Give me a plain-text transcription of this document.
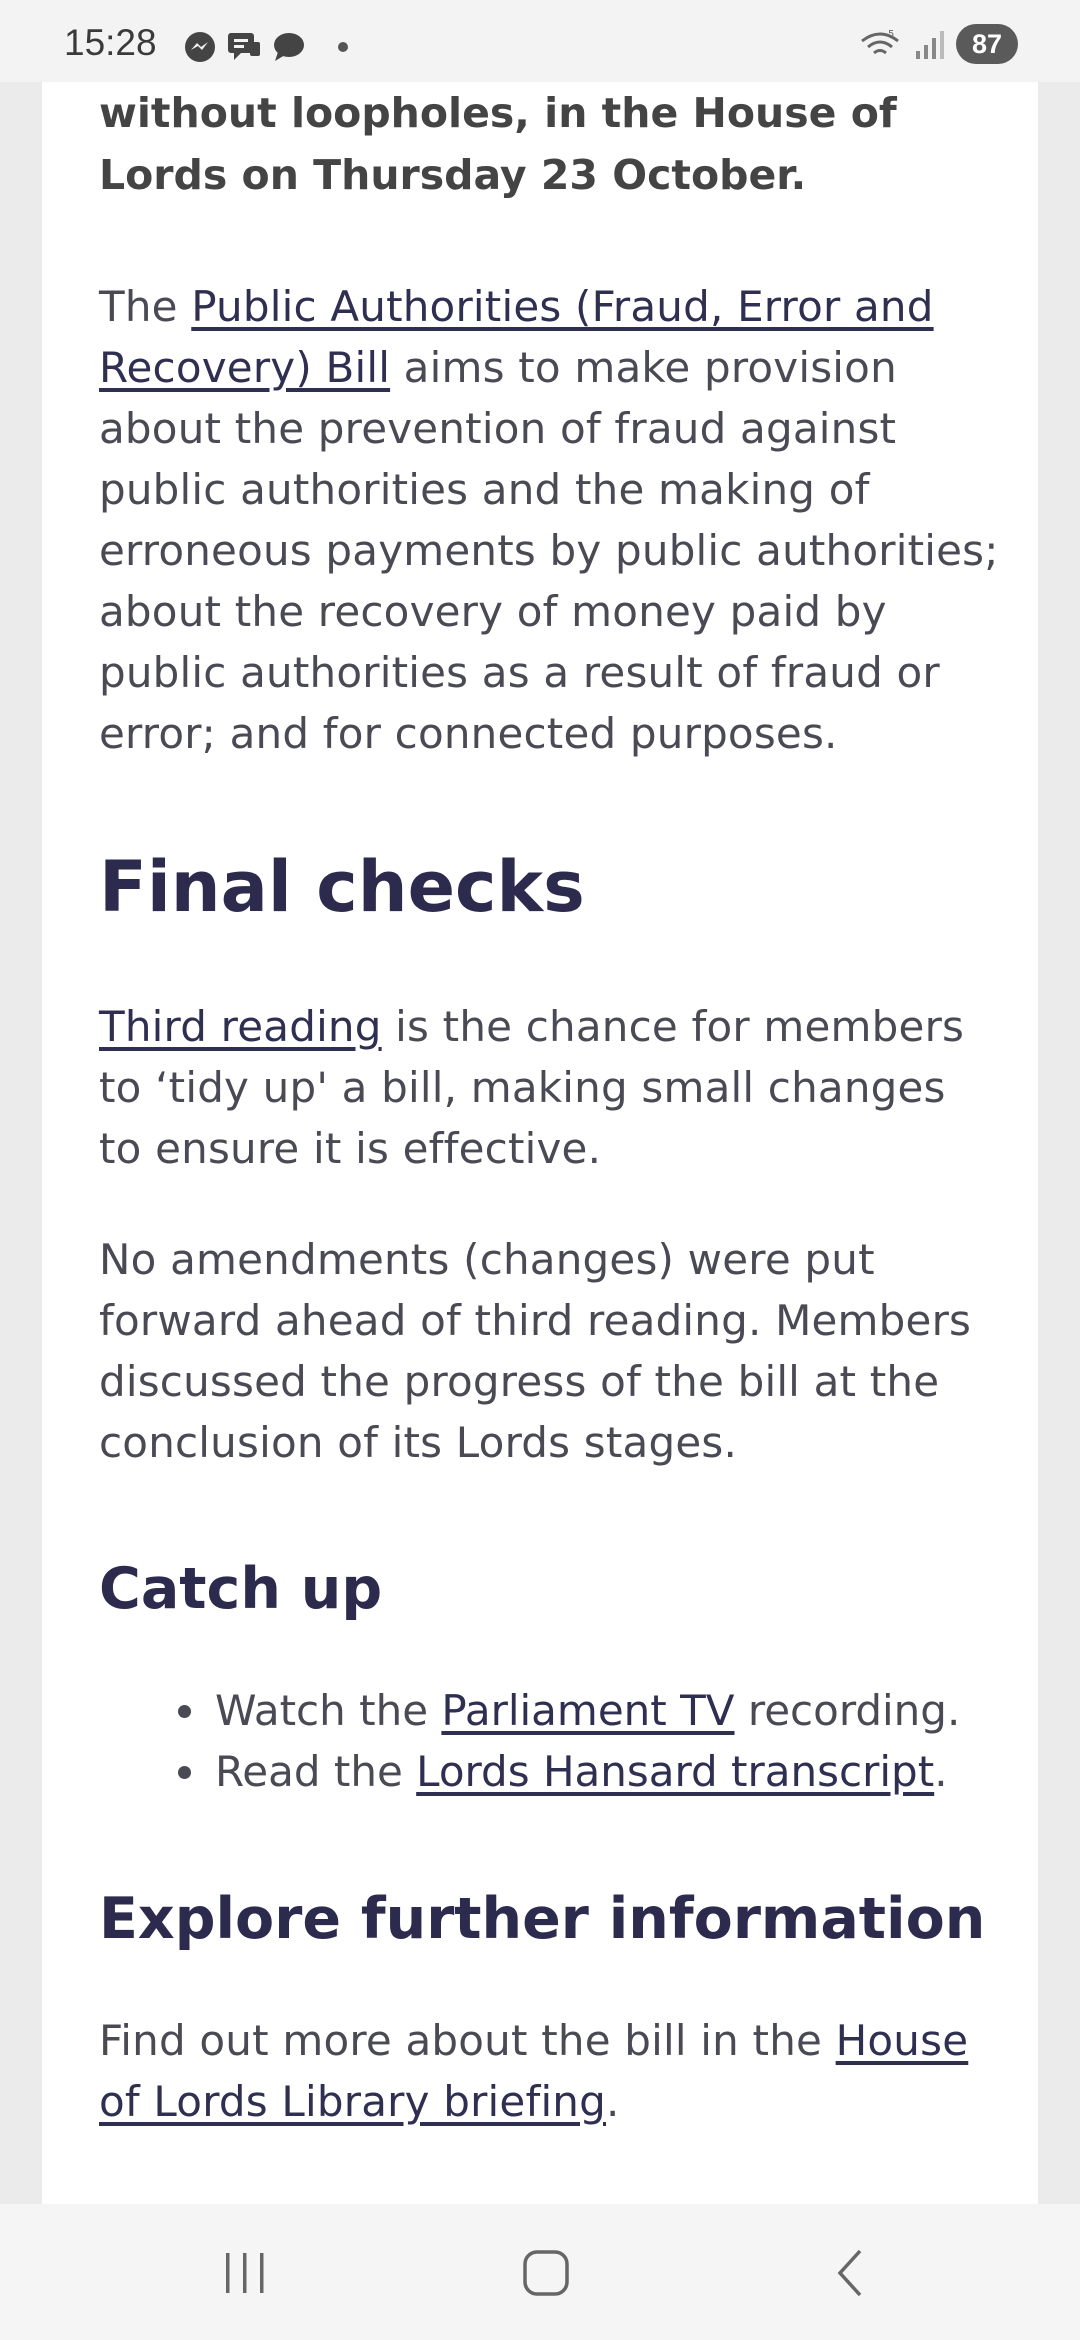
15:28	5	87

without loopholes, in the House of Lords on Thursday 23 October.

The Public Authorities (Fraud, Error and Recovery) Bill aims to make provision about the prevention of fraud against public authorities and the making of erroneous payments by public authorities; about the recovery of money paid by public authorities as a result of fraud or error; and for connected purposes.

Final checks

Third reading is the chance for members to ‘tidy up' a bill, making small changes to ensure it is effective.

No amendments (changes) were put forward ahead of third reading. Members discussed the progress of the bill at the conclusion of its Lords stages.

Catch up
• Watch the Parliament TV recording.
• Read the Lords Hansard transcript.
Explore further information

Find out more about the bill in the House of Lords Library briefing.
